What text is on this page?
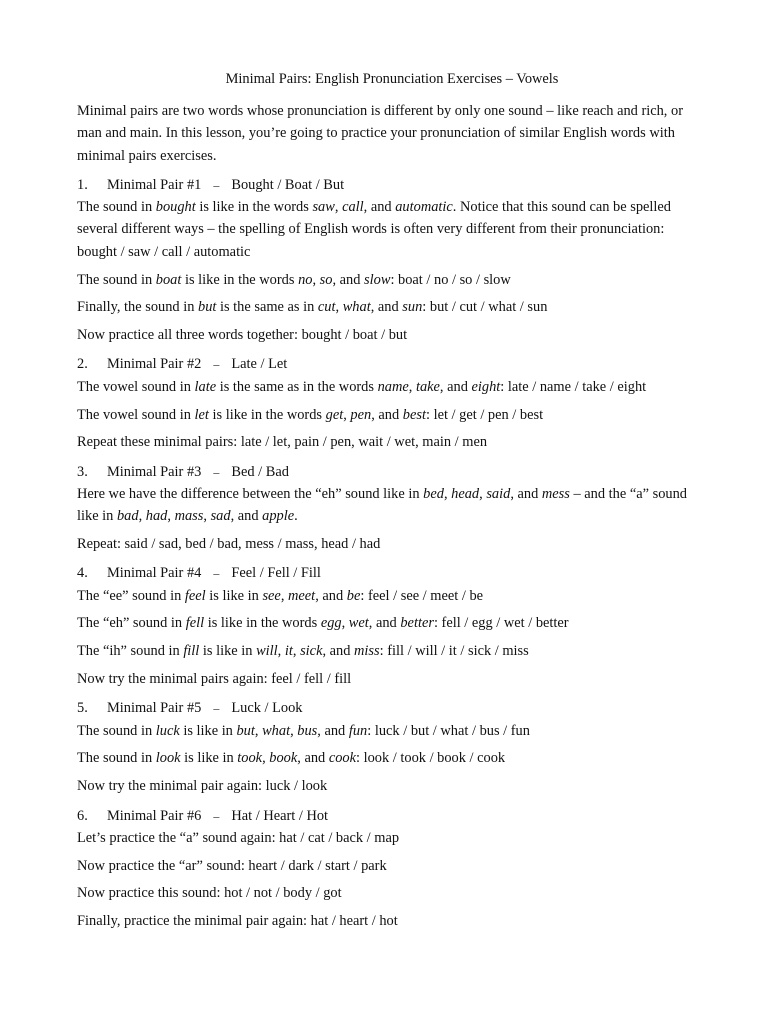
Minimal Pairs: English Pronunciation Exercises – Vowels

Minimal pairs are two words whose pronunciation is different by only one sound – like reach and rich, or man and main. In this lesson, you’re going to practice your pronunciation of similar English words with minimal pairs exercises.

1.	Minimal Pair #1 – Bought / Boat / But

The sound in bought is like in the words saw, call, and automatic. Notice that this sound can be spelled several different ways – the spelling of English words is often very different from their pronunciation: bought / saw / call / automatic

The sound in boat is like in the words no, so, and slow: boat / no / so / slow

Finally, the sound in but is the same as in cut, what, and sun: but / cut / what / sun

Now practice all three words together: bought / boat / but

2.	Minimal Pair #2 – Late / Let

The vowel sound in late is the same as in the words name, take, and eight: late / name / take / eight

The vowel sound in let is like in the words get, pen, and best: let / get / pen / best

Repeat these minimal pairs: late / let, pain / pen, wait / wet, main / men

3.	Minimal Pair #3 – Bed / Bad

Here we have the difference between the “eh” sound like in bed, head, said, and mess – and the “a” sound like in bad, had, mass, sad, and apple.

Repeat: said / sad, bed / bad, mess / mass, head / had

4.	Minimal Pair #4 – Feel / Fell / Fill

The “ee” sound in feel is like in see, meet, and be: feel / see / meet / be

The “eh” sound in fell is like in the words egg, wet, and better: fell / egg / wet / better

The “ih” sound in fill is like in will, it, sick, and miss: fill / will / it / sick / miss

Now try the minimal pairs again: feel / fell / fill

5.	Minimal Pair #5 – Luck / Look

The sound in luck is like in but, what, bus, and fun: luck / but / what / bus / fun

The sound in look is like in took, book, and cook: look / took / book / cook

Now try the minimal pair again: luck / look

6.	Minimal Pair #6 – Hat / Heart / Hot

Let’s practice the “a” sound again: hat / cat / back / map

Now practice the “ar” sound: heart / dark / start / park

Now practice this sound: hot / not / body / got

Finally, practice the minimal pair again: hat / heart / hot
